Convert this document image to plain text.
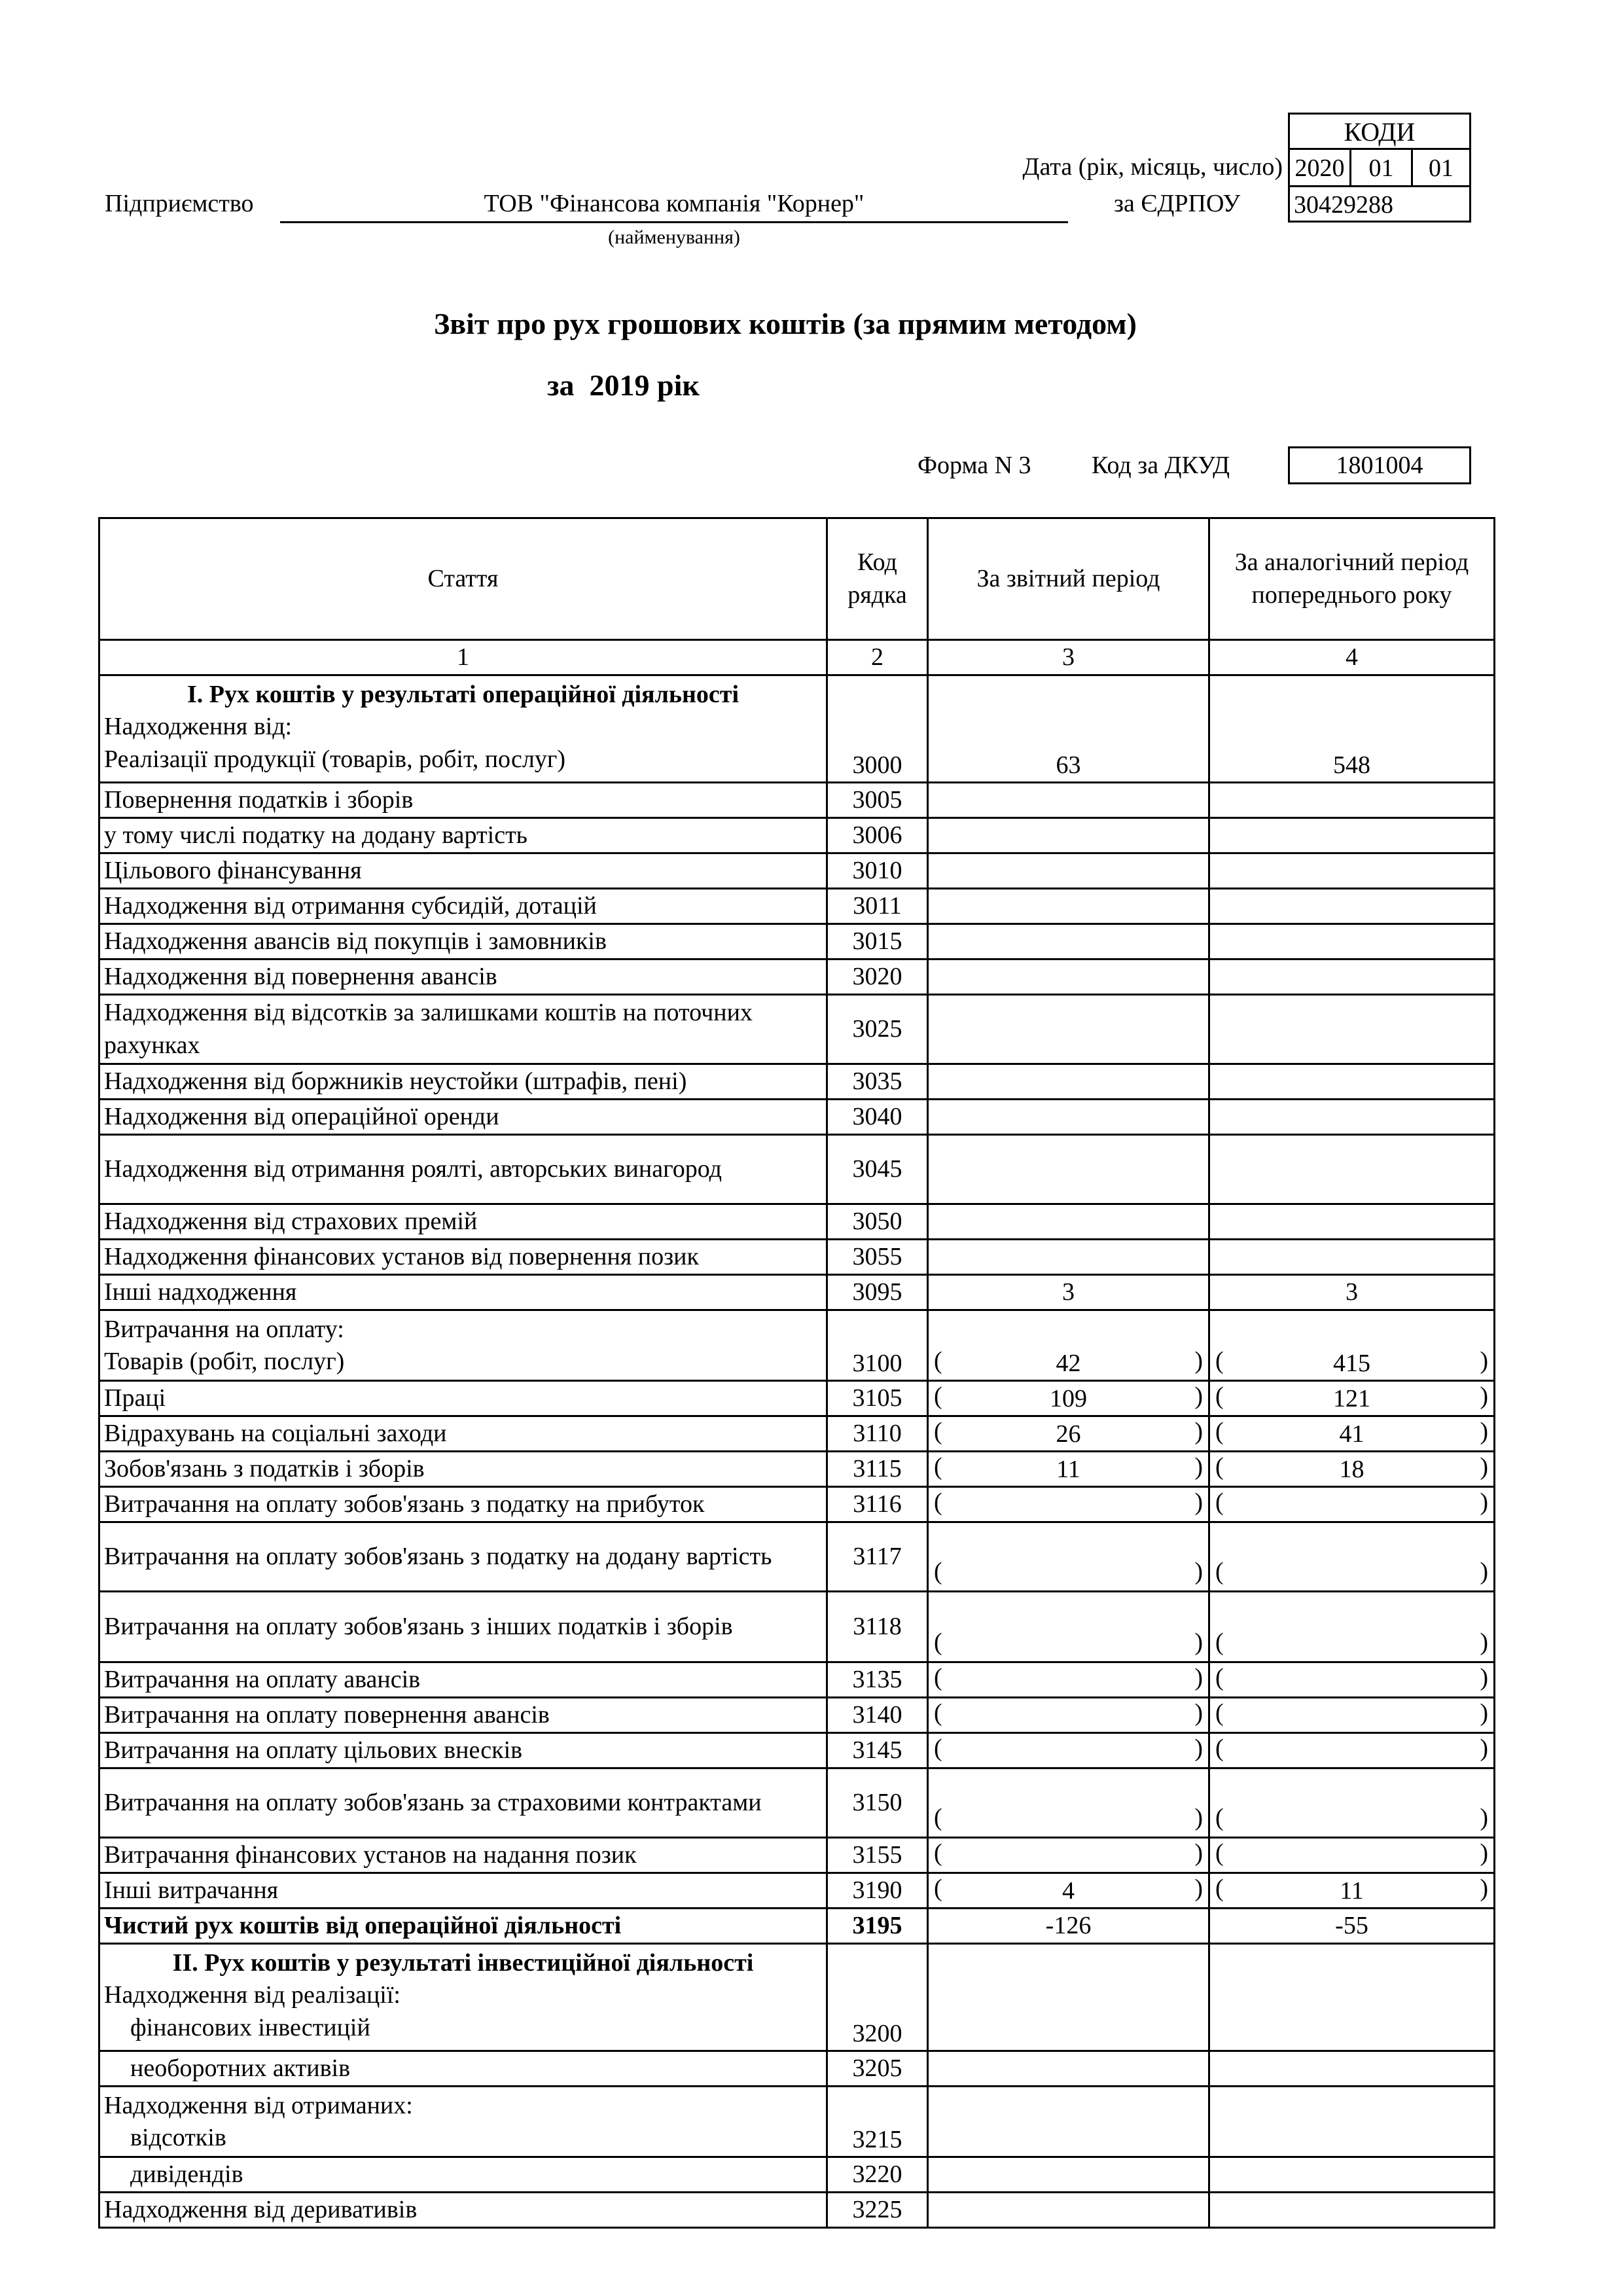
КОДИ
2020 01	01
30429288
Дата (рік, місяць, число)
Підприємство	ТОВ "Фінансова компанія "Корнер"
(найменування)
за ЄДРПОУ
Звіт про рух грошових коштів (за прямим методом)
за  2019 рік
Форма N 3 Код за ДКУД	1801004
Стаття	Код рядка	За звітний період	За аналогічний період попереднього року
1	2	3	4

I. Рух коштів у результаті операційної діяльності
Надходження від:
Реалізації продукції (товарів, робіт, послуг)	3000	63	548
Повернення податків і зборів	3005		
у тому числі податку на додану вартість	3006		
Цільового фінансування	3010		
Надходження від отримання субсидій, дотацій	3011		
Надходження авансів від покупців і замовників	3015		
Надходження від повернення авансів	3020		
Надходження від відсотків за залишками коштів на поточних рахунках	3025		
Надходження від боржників неустойки (штрафів, пені)	3035		
Надходження від операційної оренди	3040		
Надходження від отримання роялті, авторських винагород	3045		
Надходження від страхових премій	3050		
Надходження фінансових установ від повернення позик	3055		
Інші надходження	3095	3	3

Витрачання на оплату:
Товарів (робіт, послуг)	3100	( 42 )	( 415 )

Праці	3105	( 109 )	( 121 )

Відрахувань на соціальні заходи	3110	( 26 )	( 41 )

Зобов'язань з податків і зборів	3115	( 11 )	( 18 )

Витрачання на оплату зобов'язань з податку на прибуток	3116	( )	( )

Витрачання на оплату зобов'язань з податку на додану вартість	3117	( )	( )

Витрачання на оплату зобов'язань з інших податків і зборів	3118	( )	( )

Витрачання на оплату авансів	3135	( )	( )

Витрачання на оплату повернення авансів	3140	( )	( )

Витрачання на оплату цільових внесків	3145	( )	( )

Витрачання на оплату зобов'язань за страховими контрактами	3150	( )	( )

Витрачання фінансових установ на надання позик	3155	( )	( )

Інші витрачання	3190	( 4 )	( 11 )

Чистий рух коштів від операційної діяльності	3195	-126	-55

II. Рух коштів у результаті інвестиційної діяльності
Надходження від реалізації:
фінансових інвестицій	3200		
необоротних активів	3205		

Надходження від отриманих:
відсотків	3215		
дивідендів	3220		
Надходження від деривативів	3225		
